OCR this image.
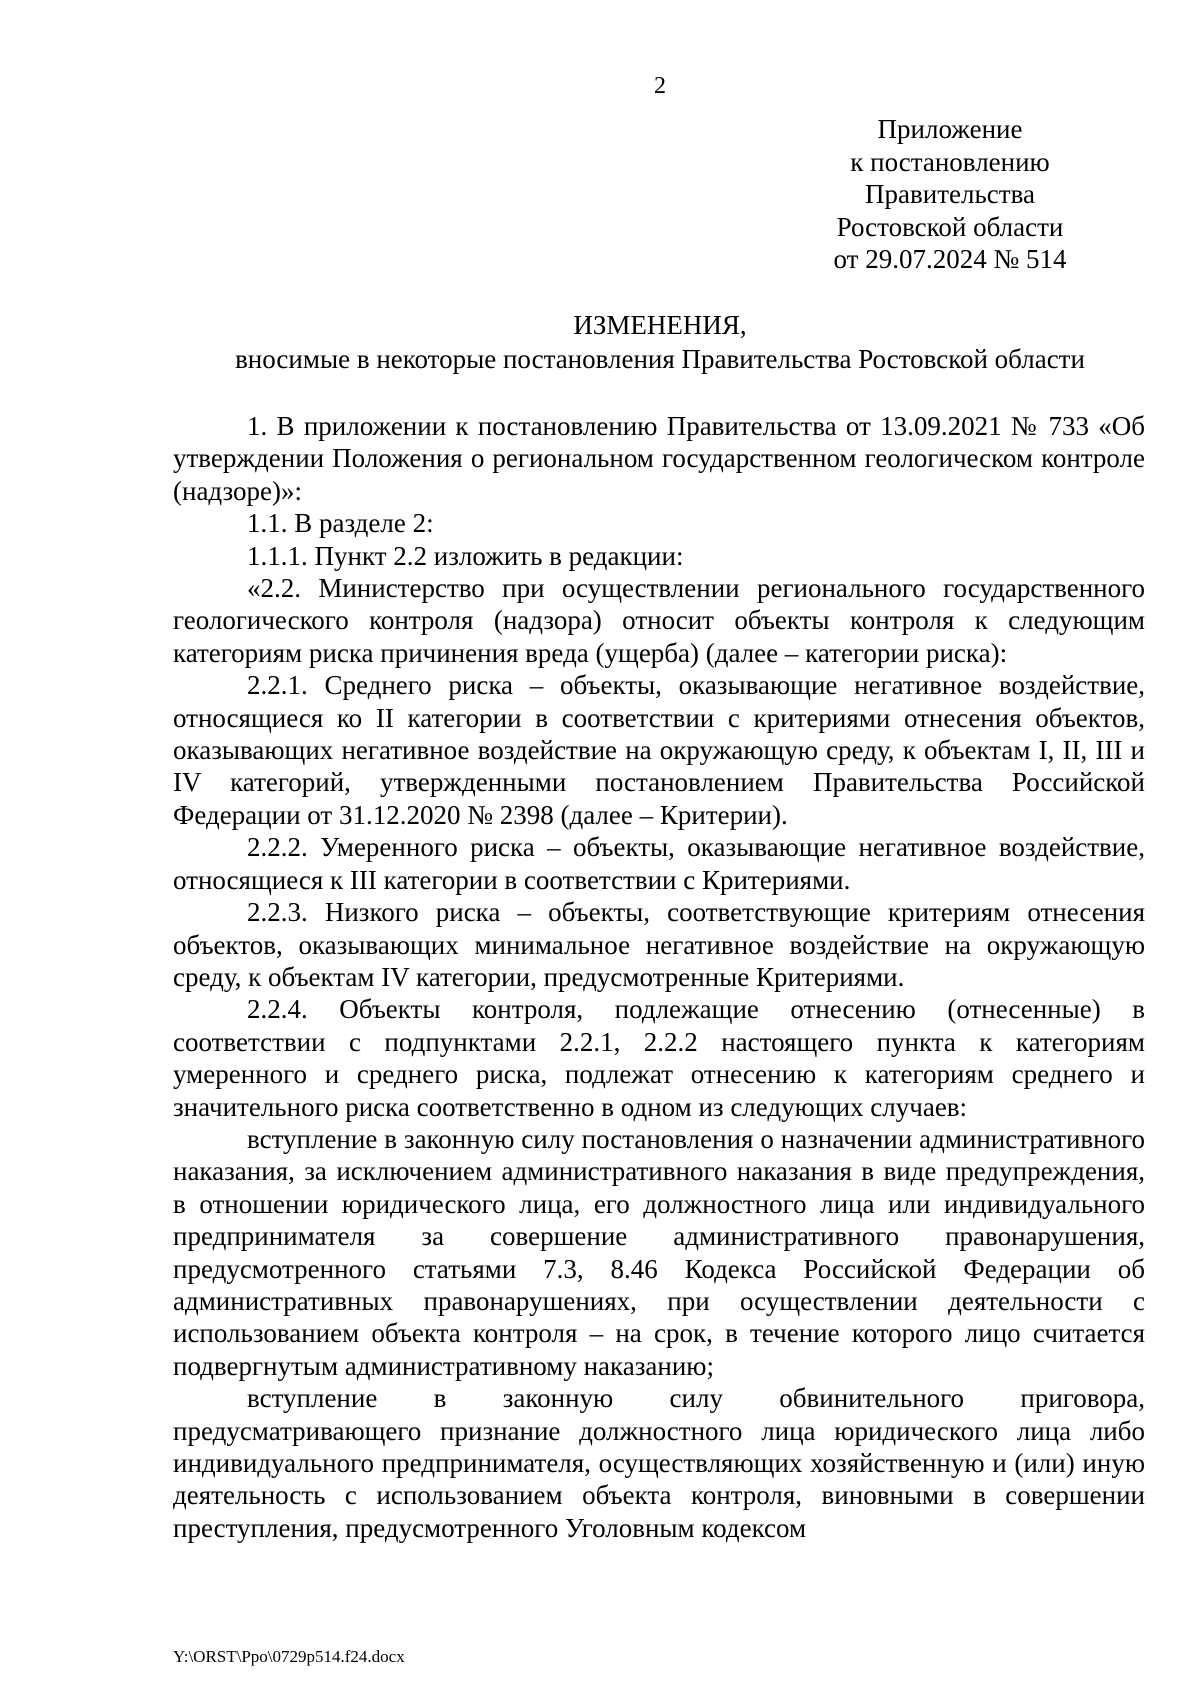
2
Приложение
к постановлению
Правительства
Ростовской области
от 29.07.2024 № 514
ИЗМЕНЕНИЯ,
вносимые в некоторые постановления Правительства Ростовской области

1. В приложении к постановлению Правительства от 13.09.2021 № 733 «Об утверждении Положения о региональном государственном геологическом контроле (надзоре)»:

1.1. В разделе 2:

1.1.1. Пункт 2.2 изложить в редакции:

«2.2. Министерство при осуществлении регионального государственного геологического контроля (надзора) относит объекты контроля к следующим категориям риска причинения вреда (ущерба) (далее – категории риска):

2.2.1. Среднего риска – объекты, оказывающие негативное воздействие, относящиеся ко II категории в соответствии с критериями отнесения объектов, оказывающих негативное воздействие на окружающую среду, к объектам I, II, III и IV категорий, утвержденными постановлением Правительства Российской Федерации от 31.12.2020 № 2398 (далее – Критерии).

2.2.2. Умеренного риска – объекты, оказывающие негативное воздействие, относящиеся к III категории в соответствии с Критериями.

2.2.3. Низкого риска – объекты, соответствующие критериям отнесения объектов, оказывающих минимальное негативное воздействие на окружающую среду, к объектам IV категории, предусмотренные Критериями.

2.2.4. Объекты контроля, подлежащие отнесению (отнесенные) в соответствии с подпунктами 2.2.1, 2.2.2 настоящего пункта к категориям умеренного и среднего риска, подлежат отнесению к категориям среднего и значительного риска соответственно в одном из следующих случаев:

вступление в законную силу постановления о назначении административного наказания, за исключением административного наказания в виде предупреждения, в отношении юридического лица, его должностного лица или индивидуального предпринимателя за совершение административного правонарушения, предусмотренного статьями 7.3, 8.46 Кодекса Российской Федерации об административных правонарушениях, при осуществлении деятельности с использованием объекта контроля – на срок, в течение которого лицо считается подвергнутым административному наказанию;

вступление в законную силу обвинительного приговора, предусматривающего признание должностного лица юридического лица либо индивидуального предпринимателя, осуществляющих хозяйственную и (или) иную деятельность с использованием объекта контроля, виновными в совершении преступления, предусмотренного Уголовным кодексом

Y:\ORST\Ppo\0729p514.f24.docx
